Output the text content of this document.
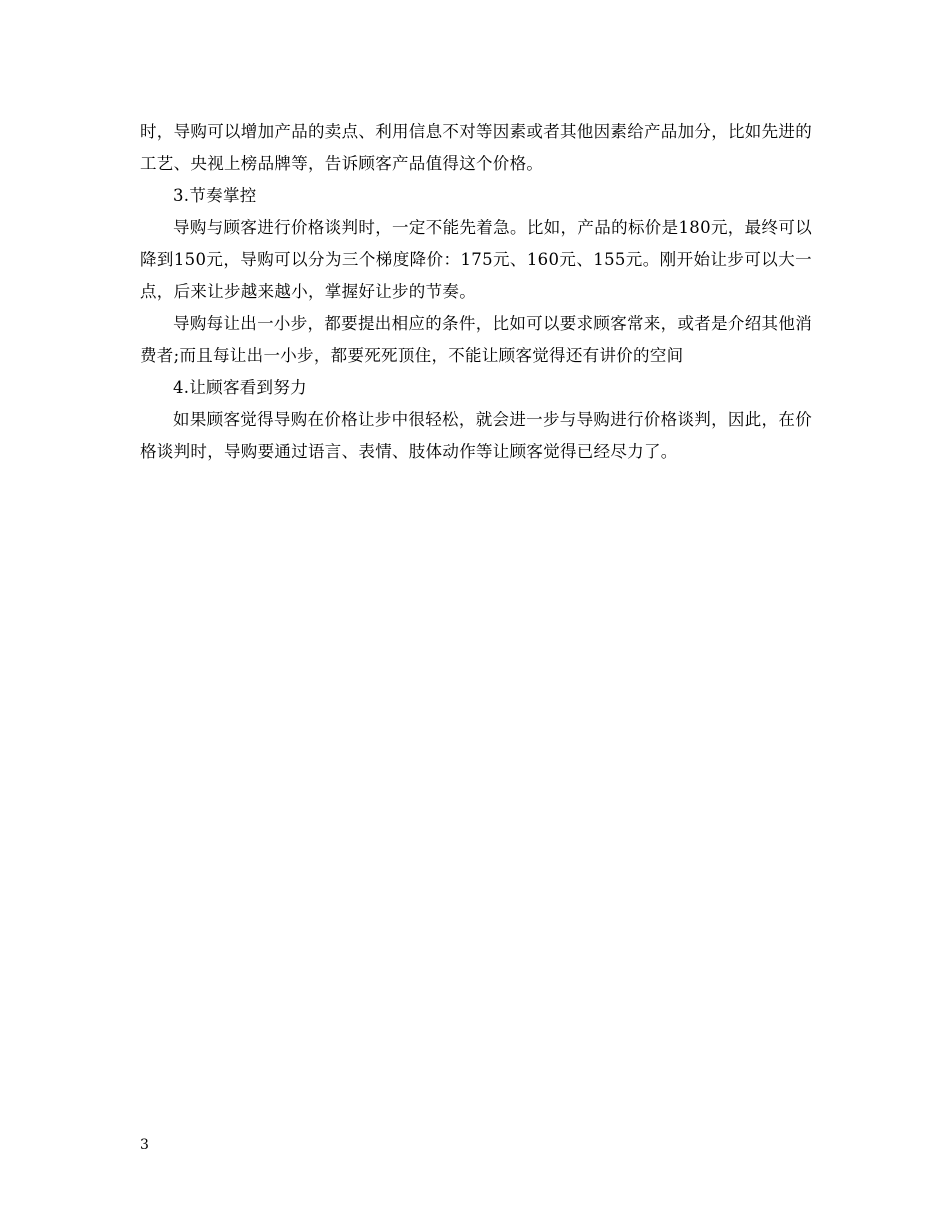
时，导购可以增加产品的卖点、利用信息不对等因素或者其他因素给产品加分，比如先进的工艺、央视上榜品牌等，告诉顾客产品值得这个价格。

3.节奏掌控

导购与顾客进行价格谈判时，一定不能先着急。比如，产品的标价是180元，最终可以降到150元，导购可以分为三个梯度降价：175元、160元、155元。刚开始让步可以大一点，后来让步越来越小，掌握好让步的节奏。

导购每让出一小步，都要提出相应的条件，比如可以要求顾客常来，或者是介绍其他消费者;而且每让出一小步，都要死死顶住，不能让顾客觉得还有讲价的空间

4.让顾客看到努力

如果顾客觉得导购在价格让步中很轻松，就会进一步与导购进行价格谈判，因此，在价格谈判时，导购要通过语言、表情、肢体动作等让顾客觉得已经尽力了。

3
